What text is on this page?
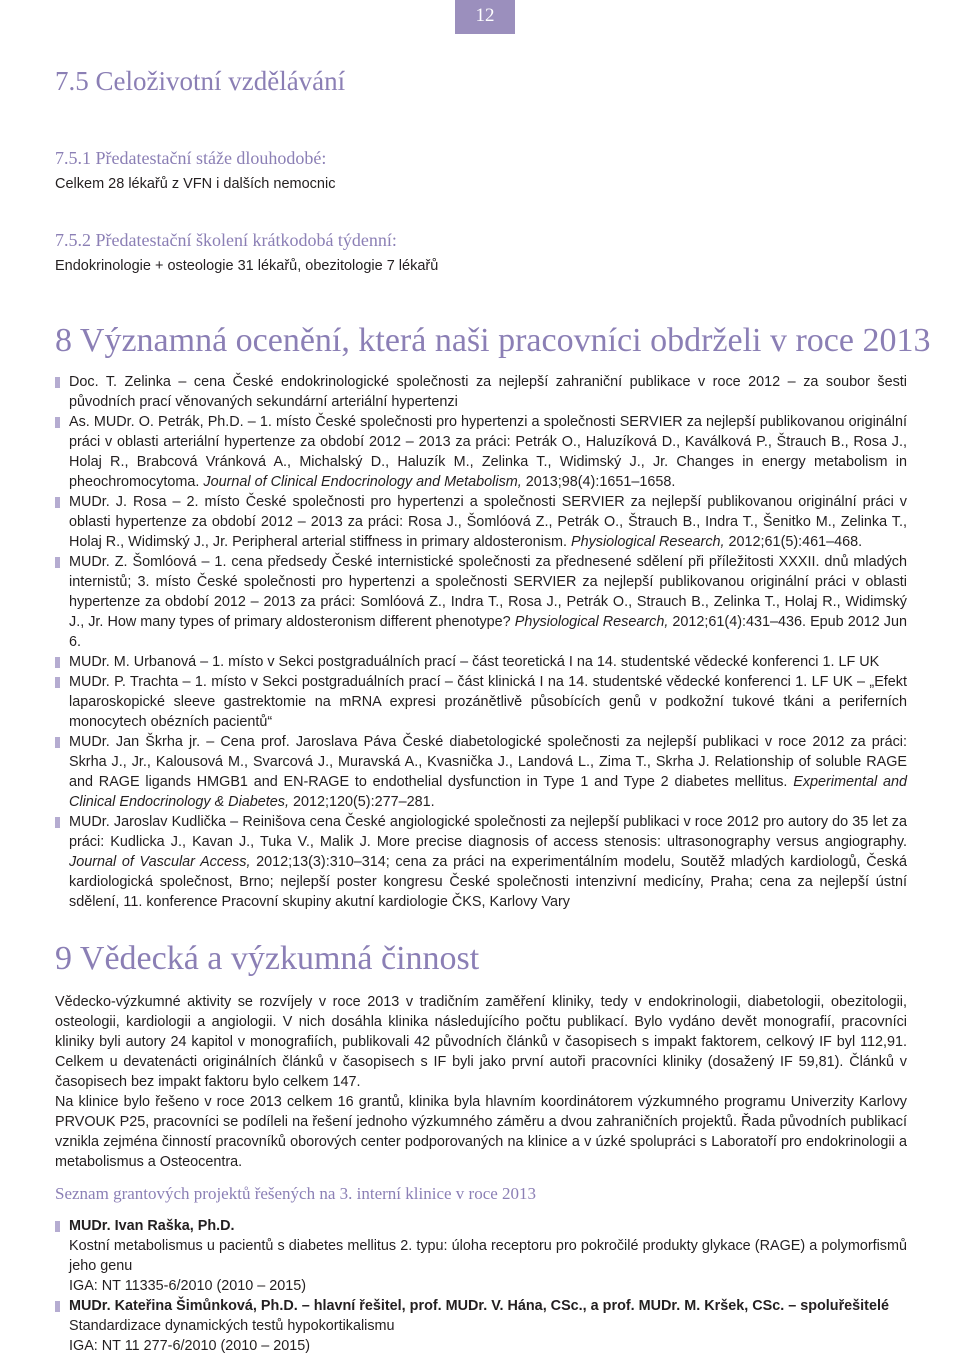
12
7.5 Celoživotní vzdělávání
7.5.1 Předatestační stáže dlouhodobé:

Celkem 28 lékařů z VFN i dalších nemocnic

7.5.2 Předatestační školení krátkodobá týdenní:

Endokrinologie + osteologie 31 lékařů, obezitologie 7 lékařů

8 Významná ocenění, která naši pracovníci obdrželi v roce 2013
Doc. T. Zelinka – cena České endokrinologické společnosti za nejlepší zahraniční publikace v roce 2012 – za soubor šesti původních prací věnovaných sekundární arteriální hypertenzi
As. MUDr. O. Petrák, Ph.D. – 1. místo České společnosti pro hypertenzi a společnosti SERVIER za nejlepší publikovanou originální práci v oblasti arteriální hypertenze za období 2012 – 2013 za práci: Petrák O., Haluzíková D., Kaválková P., Štrauch B., Rosa J., Holaj R., Brabcová Vránková A., Michalský D., Haluzík M., Zelinka T., Widimský J., Jr. Changes in energy metabolism in pheochromocytoma. Journal of Clinical Endocrinology and Metabolism, 2013;98(4):1651–1658.
MUDr. J. Rosa – 2. místo České společnosti pro hypertenzi a společnosti SERVIER za nejlepší publikovanou originální práci v oblasti hypertenze za období 2012 – 2013 za práci: Rosa J., Šomlóová Z., Petrák O., Štrauch B., Indra T., Šenitko M., Zelinka T., Holaj R., Widimský J., Jr. Peripheral arterial stiffness in primary aldosteronism. Physiological Research, 2012;61(5):461–468.
MUDr. Z. Šomlóová – 1. cena předsedy České internistické společnosti za přednesené sdělení při příležitosti XXXII. dnů mladých internistů; 3. místo České společnosti pro hypertenzi a společnosti SERVIER za nejlepší publikovanou originální práci v oblasti hypertenze za období 2012 – 2013 za práci: Somlóová Z., Indra T., Rosa J., Petrák O., Strauch B., Zelinka T., Holaj R., Widimský J., Jr. How many types of primary aldosteronism different phenotype? Physiological Research, 2012;61(4):431–436. Epub 2012 Jun 6.
MUDr. M. Urbanová – 1. místo v Sekci postgraduálních prací – část teoretická I na 14. studentské vědecké konferenci 1. LF UK
MUDr. P. Trachta – 1. místo v Sekci postgraduálních prací – část klinická I na 14. studentské vědecké konferenci 1. LF UK – „Efekt laparoskopické sleeve gastrektomie na mRNA expresi prozánětlivě působících genů v podkožní tukové tkáni a periferních monocytech obézních pacientů“
MUDr. Jan Škrha jr. – Cena prof. Jaroslava Páva České diabetologické společnosti za nejlepší publikaci v roce 2012 za práci: Skrha J., Jr., Kalousová M., Svarcová J., Muravská A., Kvasnička J., Landová L., Zima T., Skrha J. Relationship of soluble RAGE and RAGE ligands HMGB1 and EN-RAGE to endothelial dysfunction in Type 1 and Type 2 diabetes mellitus. Experimental and Clinical Endocrinology & Diabetes, 2012;120(5):277–281.
MUDr. Jaroslav Kudlička – Reinišova cena České angiologické společnosti za nejlepší publikaci v roce 2012 pro autory do 35 let za práci: Kudlicka J., Kavan J., Tuka V., Malik J. More precise diagnosis of access stenosis: ultrasonography versus angiography. Journal of Vascular Access, 2012;13(3):310–314; cena za práci na experimentálním modelu, Soutěž mladých kardiologů, Česká kardiologická společnost, Brno; nejlepší poster kongresu České společnosti intenzivní medicíny, Praha; cena za nejlepší ústní sdělení, 11. konference Pracovní skupiny akutní kardiologie ČKS, Karlovy Vary
9 Vědecká a výzkumná činnost

Vědecko-výzkumné aktivity se rozvíjely v roce 2013 v tradičním zaměření kliniky, tedy v endokrinologii, diabetologii, obezitologii, osteologii, kardiologii a angiologii. V nich dosáhla klinika následujícího počtu publikací. Bylo vydáno devět monografií, pracovníci kliniky byli autory 24 kapitol v monografiích, publikovali 42 původních článků v časopisech s impakt faktorem, celkový IF byl 112,91. Celkem u devatenácti originálních článků v časopisech s IF byli jako první autoři pracovníci kliniky (dosažený IF 59,81). Článků v časopisech bez impakt faktoru bylo celkem 147.

Na klinice bylo řešeno v roce 2013 celkem 16 grantů, klinika byla hlavním koordinátorem výzkumného programu Univerzity Karlovy PRVOUK P25, pracovníci se podíleli na řešení jednoho výzkumného záměru a dvou zahraničních projektů. Řada původních publikací vznikla zejména činností pracovníků oborových center podporovaných na klinice a v úzké spolupráci s Laboratoří pro endokrinologii a metabolismus a Osteocentra.

Seznam grantových projektů řešených na 3. interní klinice v roce 2013
MUDr. Ivan Raška, Ph.D.
Kostní metabolismus u pacientů s diabetes mellitus 2. typu: úloha receptoru pro pokročilé produkty glykace (RAGE) a polymorfismů jeho genu
IGA: NT 11335-6/2010 (2010 – 2015)
MUDr. Kateřina Šimůnková, Ph.D. – hlavní řešitel, prof. MUDr. V. Hána, CSc., a prof. MUDr. M. Kršek, CSc. – spoluřešitelé
Standardizace dynamických testů hypokortikalismu
IGA: NT 11 277-6/2010 (2010 – 2015)
